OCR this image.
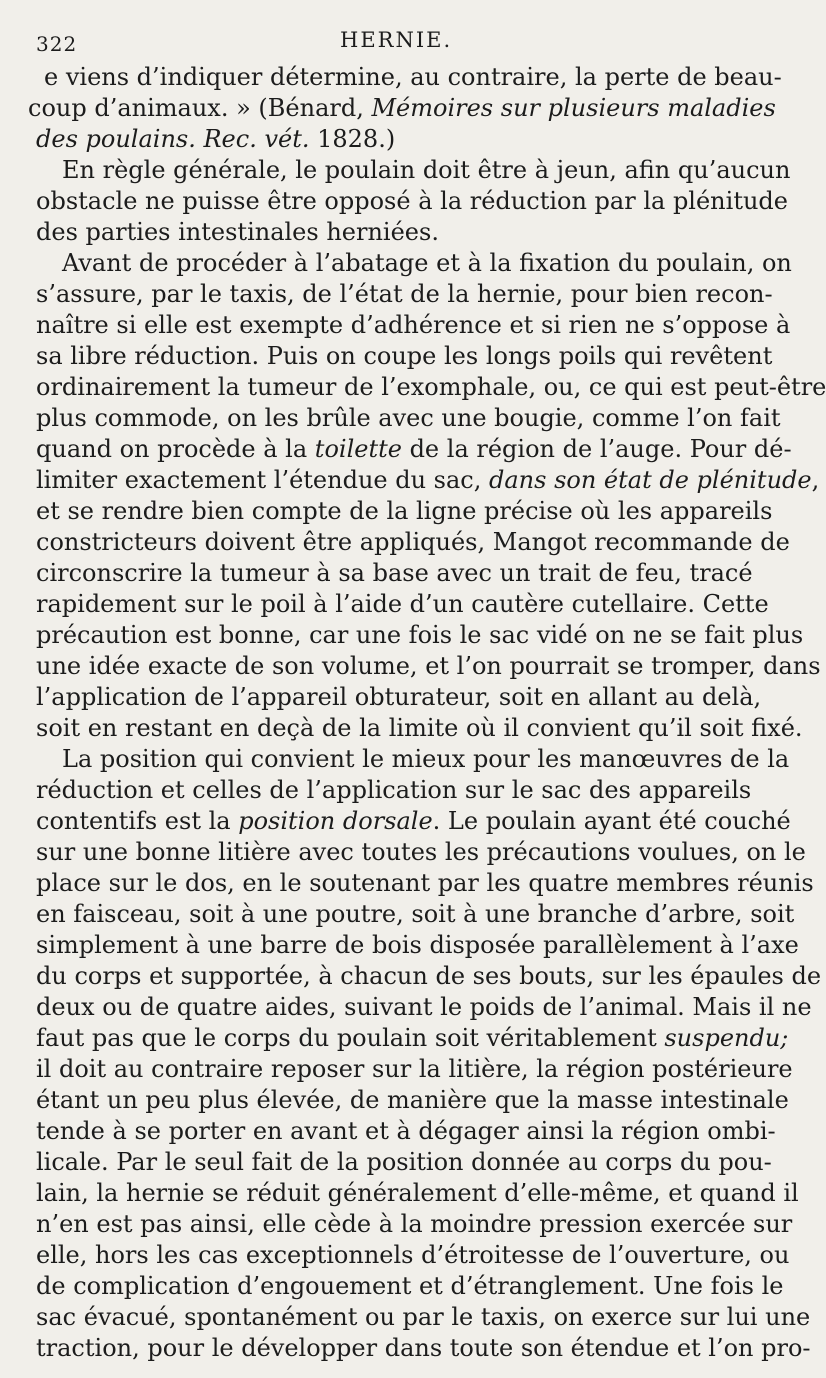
322	HERNIE.
e viens d’indiquer détermine, au contraire, la perte de beau-
coup d’animaux. » (Bénard, Mémoires sur plusieurs maladies
des poulains. Rec. vét. 1828.)
En règle générale, le poulain doit être à jeun, afin qu’aucun
obstacle ne puisse être opposé à la réduction par la plénitude
des parties intestinales herniées.
Avant de procéder à l’abatage et à la fixation du poulain, on
s’assure, par le taxis, de l’état de la hernie, pour bien recon-
naître si elle est exempte d’adhérence et si rien ne s’oppose à
sa libre réduction. Puis on coupe les longs poils qui revêtent
ordinairement la tumeur de l’exomphale, ou, ce qui est peut-être
plus commode, on les brûle avec une bougie, comme l’on fait
quand on procède à la toilette de la région de l’auge. Pour dé-
limiter exactement l’étendue du sac, dans son état de plénitude,
et se rendre bien compte de la ligne précise où les appareils
constricteurs doivent être appliqués, Mangot recommande de
circonscrire la tumeur à sa base avec un trait de feu, tracé
rapidement sur le poil à l’aide d’un cautère cutellaire. Cette
précaution est bonne, car une fois le sac vidé on ne se fait plus
une idée exacte de son volume, et l’on pourrait se tromper, dans
l’application de l’appareil obturateur, soit en allant au delà,
soit en restant en deçà de la limite où il convient qu’il soit fixé.
La position qui convient le mieux pour les manœuvres de la
réduction et celles de l’application sur le sac des appareils
contentifs est la position dorsale. Le poulain ayant été couché
sur une bonne litière avec toutes les précautions voulues, on le
place sur le dos, en le soutenant par les quatre membres réunis
en faisceau, soit à une poutre, soit à une branche d’arbre, soit
simplement à une barre de bois disposée parallèlement à l’axe
du corps et supportée, à chacun de ses bouts, sur les épaules de
deux ou de quatre aides, suivant le poids de l’animal. Mais il ne
faut pas que le corps du poulain soit véritablement suspendu;
il doit au contraire reposer sur la litière, la région postérieure
étant un peu plus élevée, de manière que la masse intestinale
tende à se porter en avant et à dégager ainsi la région ombi-
licale. Par le seul fait de la position donnée au corps du pou-
lain, la hernie se réduit généralement d’elle-même, et quand il
n’en est pas ainsi, elle cède à la moindre pression exercée sur
elle, hors les cas exceptionnels d’étroitesse de l’ouverture, ou
de complication d’engouement et d’étranglement. Une fois le
sac évacué, spontanément ou par le taxis, on exerce sur lui une
traction, pour le développer dans toute son étendue et l’on pro-
